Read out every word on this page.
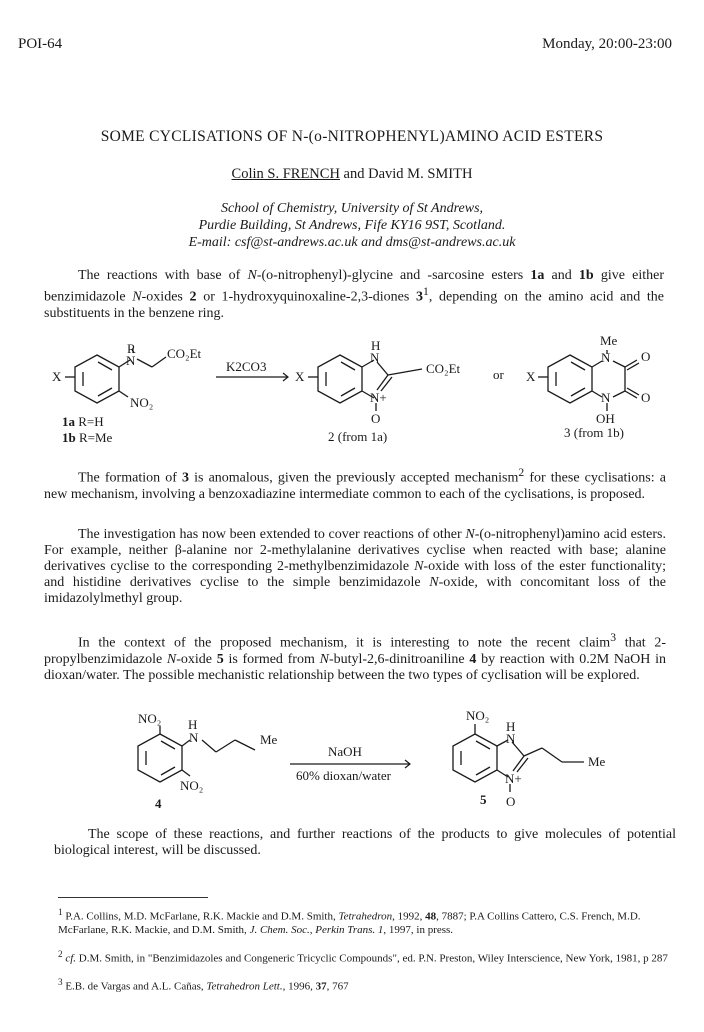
POI-64	Monday, 20:00-23:00
SOME CYCLISATIONS OF N-(o-NITROPHENYL)AMINO ACID ESTERS
Colin S. FRENCH and David M. SMITH
School of Chemistry, University of St Andrews,
Purdie Building, St Andrews, Fife KY16 9ST, Scotland.
E-mail: csf@st-andrews.ac.uk and dms@st-andrews.ac.uk

The reactions with base of N-(o-nitrophenyl)-glycine and -sarcosine esters 1a and 1b give either benzimidazole N-oxides 2 or 1-hydroxyquinoxaline-2,3-diones $3^1$, depending on the amino acid and the substituents in the benzene ring.

R
N CO₂Et
NO₂
X
K2CO3
H
N
N+
O
CO₂Et
X	or
Me
N O
O
N
OH
X
1a R=H
1b R=Me	2 (from 1a)	3 (from 1b)

The formation of 3 is anomalous, given the previously accepted mechanism$^2$ for these cyclisations: a new mechanism, involving a benzoxadiazine intermediate common to each of the cyclisations, is proposed.

The investigation has now been extended to cover reactions of other N-(o-nitrophenyl)amino acid esters. For example, neither β-alanine nor 2-methylalanine derivatives cyclise when reacted with base; alanine derivatives cyclise to the corresponding 2-methylbenzimidazole N-oxide with loss of the ester functionality; and histidine derivatives cyclise to the simple benzimidazole N-oxide, with concomitant loss of the imidazolylmethyl group.

In the context of the proposed mechanism, it is interesting to note the recent claim$^3$ that 2-propylbenzimidazole N-oxide 5 is formed from N-butyl-2,6-dinitroaniline 4 by reaction with 0.2M NaOH in dioxan/water. The possible mechanistic relationship between the two types of cyclisation will be explored.

NO₂
N
H
Me
NO₂
4
NaOH
60% dioxan/water
NO₂
H
N
N+
O
Me
5

The scope of these reactions, and further reactions of the products to give molecules of potential biological interest, will be discussed.

$^1$ P.A. Collins, M.D. McFarlane, R.K. Mackie and D.M. Smith, Tetrahedron, 1992, 48, 7887; P.A Collins Cattero, C.S. French, M.D. McFarlane, R.K. Mackie, and D.M. Smith, J. Chem. Soc., Perkin Trans. 1, 1997, in press.

$^2$ cf. D.M. Smith, in "Benzimidazoles and Congeneric Tricyclic Compounds", ed. P.N. Preston, Wiley Interscience, New York, 1981, p 287

$^3$ E.B. de Vargas and A.L. Cañas, Tetrahedron Lett., 1996, 37, 767
